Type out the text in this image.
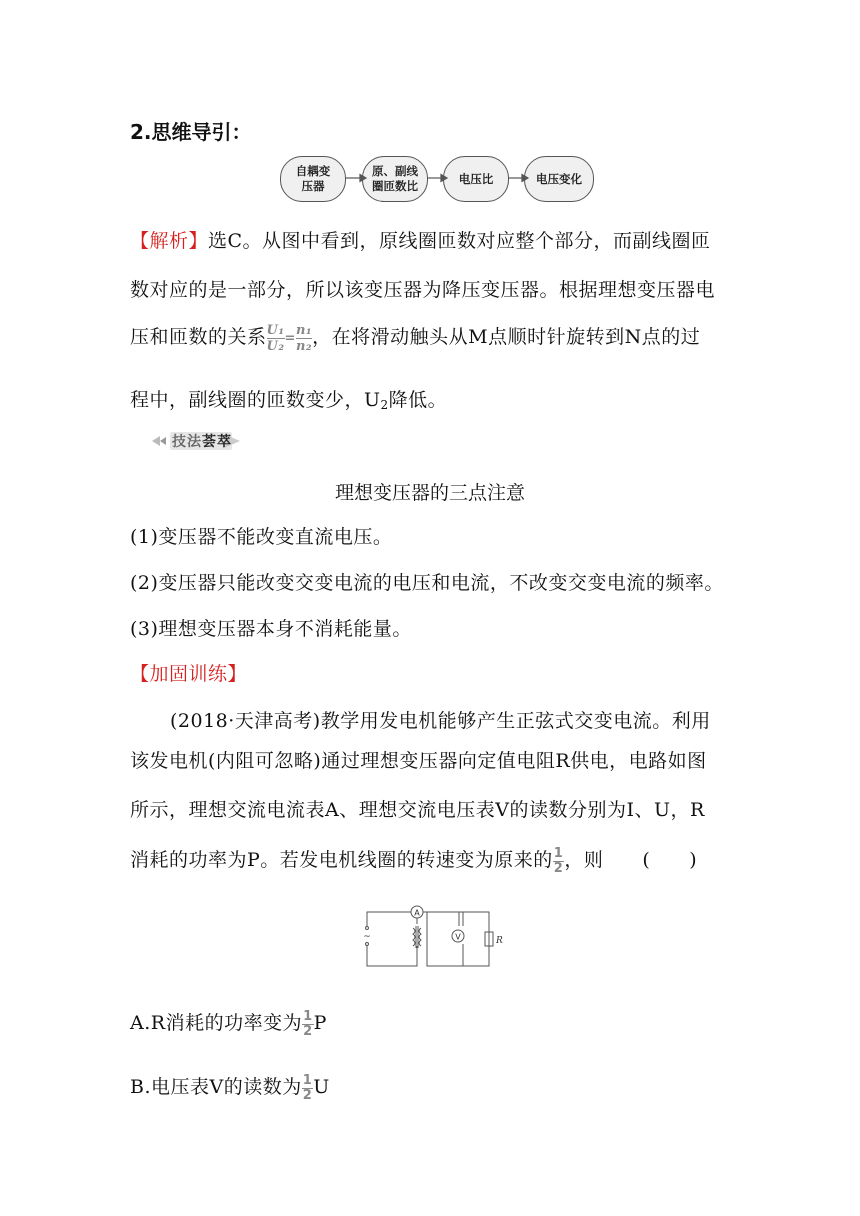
2.思维导引：
自耦变
压器
原、副线
圈匝数比
电压比	电压变化
【解析】选C。从图中看到，原线圈匝数对应整个部分，而副线圈匝
数对应的是一部分，所以该变压器为降压变压器。根据理想变压器电
压和匝数的关系 $\frac{\text{U₁}}{\text{U₂}} = \frac{\text{n₁}}{\text{n₂}}$ ，在将滑动触头从M点顺时针旋转到N点的过
程中，副线圈的匝数变少，$U_2$降低。
技法荟萃
理想变压器的三点注意
(1)变压器不能改变直流电压。
(2)变压器只能改变交变电流的电压和电流，不改变交变电流的频率。
(3)理想变压器本身不消耗能量。
【加固训练】
(2018·天津高考)教学用发电机能够产生正弦式交变电流。利用
该发电机(内阻可忽略)通过理想变压器向定值电阻R供电，电路如图
所示，理想交流电流表A、理想交流电压表V的读数分别为I、U，R
消耗的功率为P。若发电机线圈的转速变为原来的 $\frac{1}{2}$ ，则　　(　　)
A
V	R
~
A.R消耗的功率变为 $\frac{1}{2}$ P
B.电压表V的读数为 $\frac{1}{2}$ U
